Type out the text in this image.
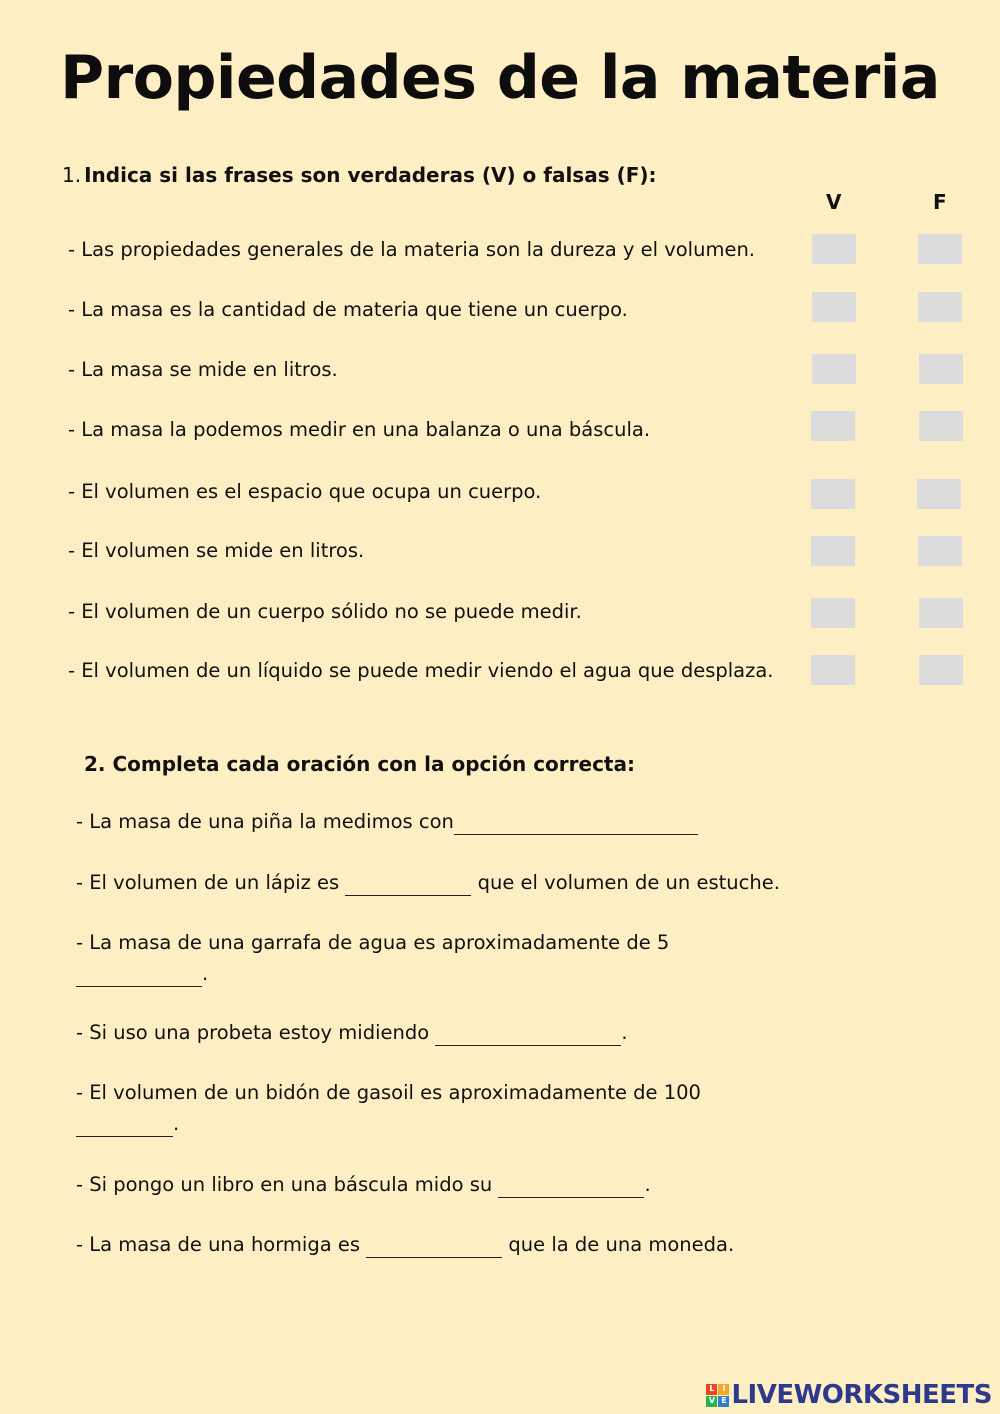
Propiedades de la materia
1. Indica si las frases son verdaderas (V) o falsas (F):
V	F
- Las propiedades generales de la materia son la dureza y el volumen.
- La masa es la cantidad de materia que tiene un cuerpo.
- La masa se mide en litros.
- La masa la podemos medir en una balanza o una báscula.
- El volumen es el espacio que ocupa un cuerpo.
- El volumen se mide en litros.
- El volumen de un cuerpo sólido no se puede medir.
- El volumen de un líquido se puede medir viendo el agua que desplaza.
2. Completa cada oración con la opción correcta:
- La masa de una piña la medimos con
- El volumen de un lápiz es	que el volumen de un estuche.
- La masa de una garrafa de agua es aproximadamente de 5
.
- Si uso una probeta estoy midiendo	.
- El volumen de un bidón de gasoil es aproximadamente de 100
.
- Si pongo un libro en una báscula mido su	.
- La masa de una hormiga es	que la de una moneda.
L I
V E LIVEWORKSHEETS
